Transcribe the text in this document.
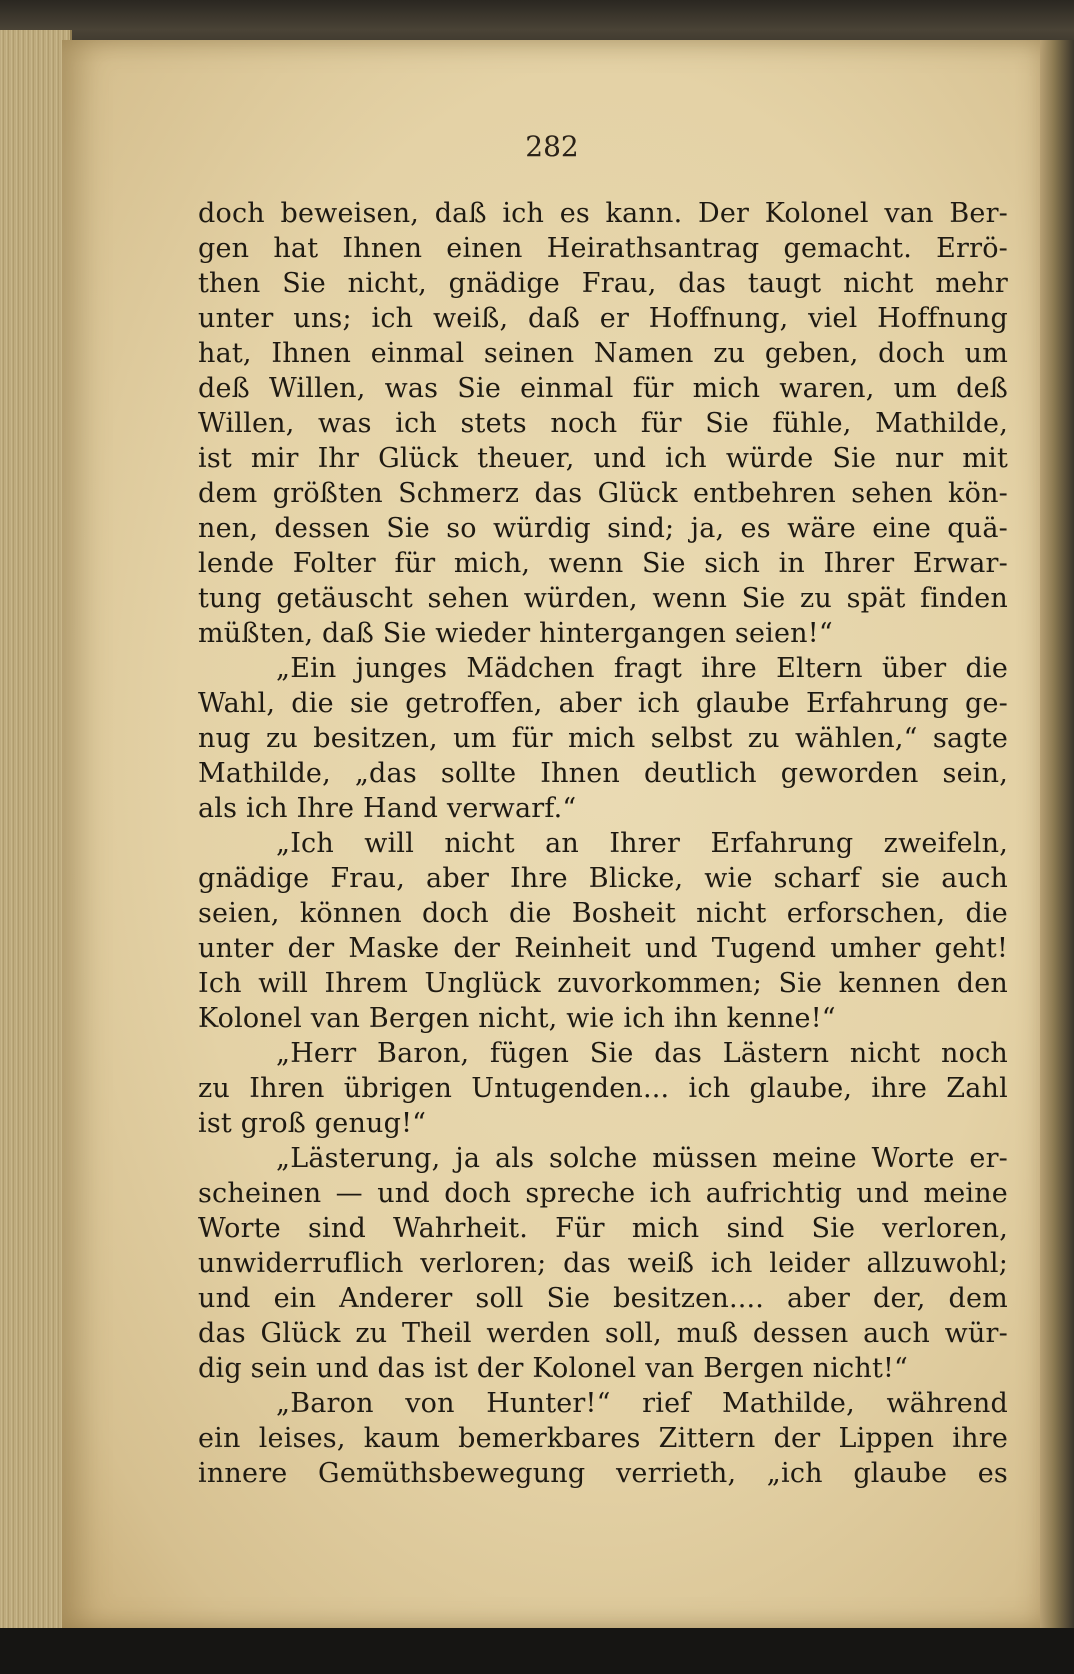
282
doch beweisen, daß ich es kann. Der Kolonel van Ber-
gen hat Ihnen einen Heirathsantrag gemacht. Errö-
then Sie nicht, gnädige Frau, das taugt nicht mehr
unter uns; ich weiß, daß er Hoffnung, viel Hoffnung
hat, Ihnen einmal seinen Namen zu geben, doch um
deß Willen, was Sie einmal für mich waren, um deß
Willen, was ich stets noch für Sie fühle, Mathilde,
ist mir Ihr Glück theuer, und ich würde Sie nur mit
dem größten Schmerz das Glück entbehren sehen kön-
nen, dessen Sie so würdig sind; ja, es wäre eine quä-
lende Folter für mich, wenn Sie sich in Ihrer Erwar-
tung getäuscht sehen würden, wenn Sie zu spät finden
müßten, daß Sie wieder hintergangen seien!“
„Ein junges Mädchen fragt ihre Eltern über die
Wahl, die sie getroffen, aber ich glaube Erfahrung ge-
nug zu besitzen, um für mich selbst zu wählen,“ sagte
Mathilde, „das sollte Ihnen deutlich geworden sein,
als ich Ihre Hand verwarf.“
„Ich will nicht an Ihrer Erfahrung zweifeln,
gnädige Frau, aber Ihre Blicke, wie scharf sie auch
seien, können doch die Bosheit nicht erforschen, die
unter der Maske der Reinheit und Tugend umher geht!
Ich will Ihrem Unglück zuvorkommen; Sie kennen den
Kolonel van Bergen nicht, wie ich ihn kenne!“
„Herr Baron, fügen Sie das Lästern nicht noch
zu Ihren übrigen Untugenden... ich glaube, ihre Zahl
ist groß genug!“
„Lästerung, ja als solche müssen meine Worte er-
scheinen — und doch spreche ich aufrichtig und meine
Worte sind Wahrheit. Für mich sind Sie verloren,
unwiderruflich verloren; das weiß ich leider allzuwohl;
und ein Anderer soll Sie besitzen.... aber der, dem
das Glück zu Theil werden soll, muß dessen auch wür-
dig sein und das ist der Kolonel van Bergen nicht!“
„Baron von Hunter!“ rief Mathilde, während
ein leises, kaum bemerkbares Zittern der Lippen ihre
innere Gemüthsbewegung verrieth, „ich glaube es
